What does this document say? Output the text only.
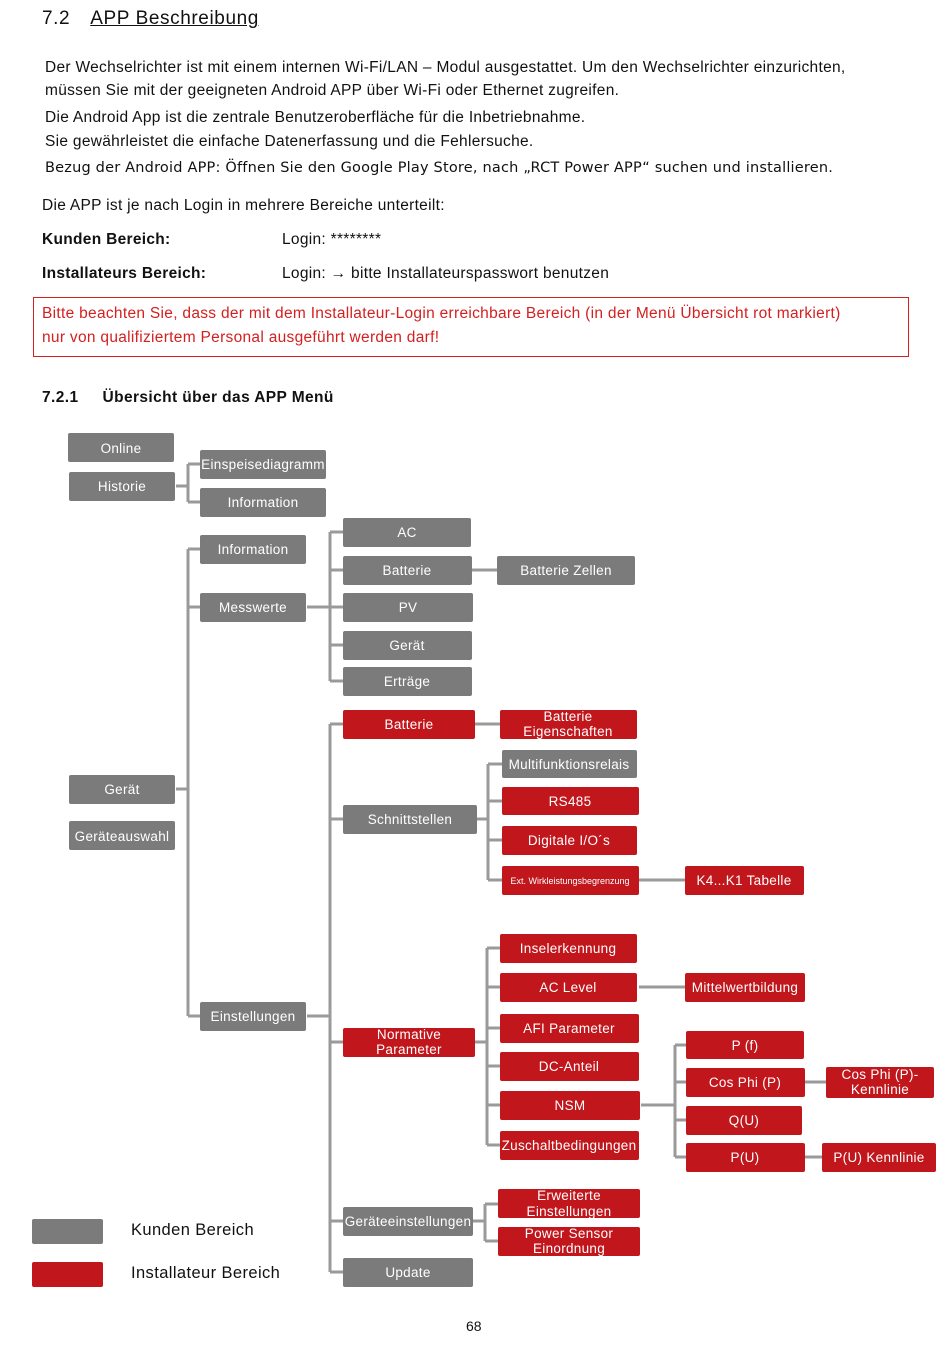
7.2 APP Beschreibung
Der Wechselrichter ist mit einem internen Wi-Fi/LAN – Modul ausgestattet. Um den Wechselrichter einzurichten,
müssen Sie mit der geeigneten Android APP über Wi-Fi oder Ethernet zugreifen.
Die Android App ist die zentrale Benutzeroberfläche für die Inbetriebnahme.
Sie gewährleistet die einfache Datenerfassung und die Fehlersuche.
Bezug der Android APP: Öffnen Sie den Google Play Store, nach „RCT Power APP“ suchen und installieren.
Die APP ist je nach Login in mehrere Bereiche unterteilt:
Kunden Bereich:	Login: ********
Installateurs Bereich:	Login: → bitte Installateurspasswort benutzen
Bitte beachten Sie, dass der mit dem Installateur-Login erreichbare Bereich (in der Menü Übersicht rot markiert)
nur von qualifiziertem Personal ausgeführt werden darf!
7.2.1 Übersicht über das APP Menü
Online
Historie
Einspeisediagramm
Information
Gerät
Geräteauswahl
Information
Messwerte
AC
Batterie	Batterie Zellen
PV
Gerät
Erträge
Einstellungen
Schnittstellen
Multifunktionsrelais
Geräteeinstellungen
Update
Batterie
Batterie
Eigenschaften
RS485
Digitale I/O´s
Ext. Wirkleistungsbegrenzung	K4...K1 Tabelle
Normative
Parameter
Inselerkennung
AC Level	Mittelwertbildung
AFI Parameter
DC-Anteil
NSM
Zuschaltbedingungen
P (f)
Cos Phi (P)
Cos Phi (P)-
Kennlinie
Q(U)
P(U)	P(U) Kennlinie
Erweiterte
Einstellungen
Power Sensor
Einordnung
Kunden Bereich
Installateur Bereich
68
